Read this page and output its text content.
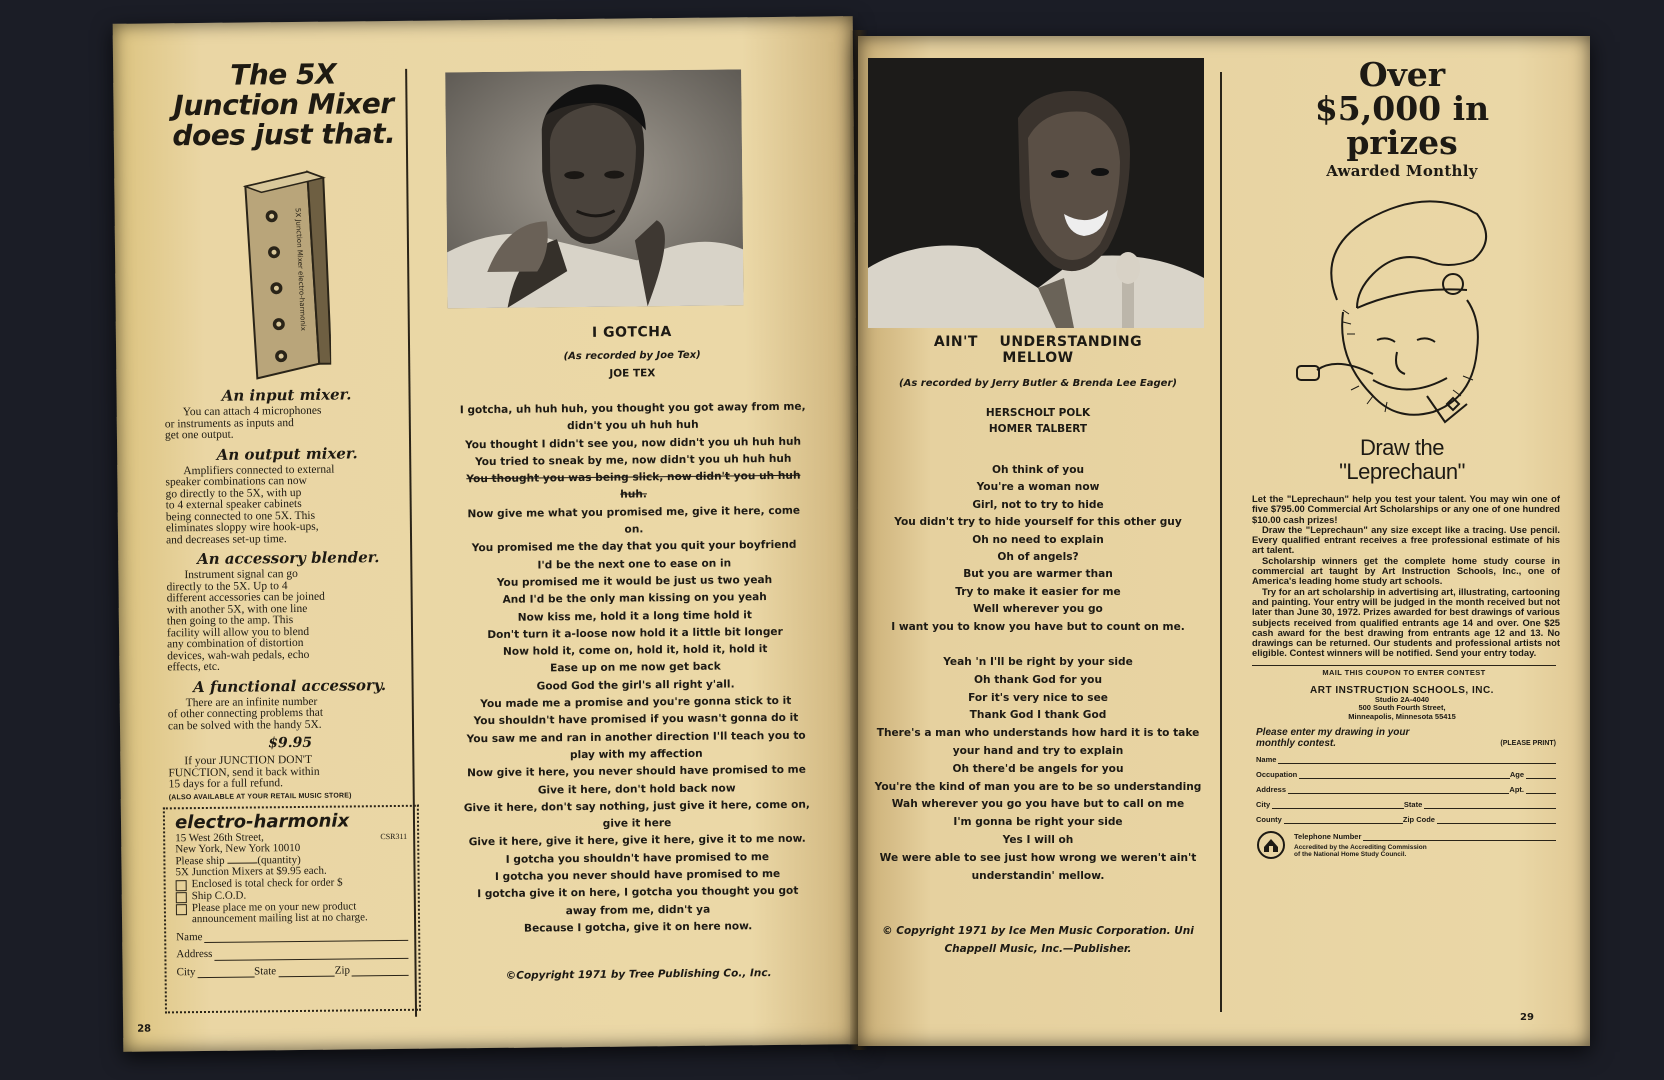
The 5X
Junction Mixer
does just that.
5X Junction Mixer electro-harmonix
An input mixer.
You can attach 4 microphones
or instruments as inputs and
get one output.
An output mixer.
Amplifiers connected to external
speaker combinations can now
go directly to the 5X, with up
to 4 external speaker cabinets
being connected to one 5X. This
eliminates sloppy wire hook-ups,
and decreases set-up time.
An accessory blender.
Instrument signal can go
directly to the 5X. Up to 4
different accessories can be joined
with another 5X, with one line
then going to the amp. This
facility will allow you to blend
any combination of distortion
devices, wah-wah pedals, echo
effects, etc.
A functional accessory.
There are an infinite number
of other connecting problems that
can be solved with the handy 5X.
$9.95
If your JUNCTION DON'T
FUNCTION, send it back within
15 days for a full refund.
(ALSO AVAILABLE AT YOUR RETAIL MUSIC STORE)
electro-harmonix
15 West 26th Street,	CSR311
New York, New York 10010
Please ship	(quantity)
5X Junction Mixers at $9.95 each.
Enclosed is total check for order $
Ship C.O.D.
Please place me on your new product announcement mailing list at no charge.
Name
Address
City	State	Zip
I GOTCHA
(As recorded by Joe Tex)
JOE TEX
I gotcha, uh huh huh, you thought you got away from me,
didn't you uh huh huh
You thought I didn't see you, now didn't you uh huh huh
You tried to sneak by me, now didn't you uh huh huh
You thought you was being slick, now didn't you uh huh
huh.
Now give me what you promised me, give it here, come
on.
You promised me the day that you quit your boyfriend
I'd be the next one to ease on in
You promised me it would be just us two yeah
And I'd be the only man kissing on you yeah
Now kiss me, hold it a long time hold it
Don't turn it a-loose now hold it a little bit longer
Now hold it, come on, hold it, hold it, hold it
Ease up on me now get back
Good God the girl's all right y'all.
You made me a promise and you're gonna stick to it
You shouldn't have promised if you wasn't gonna do it
You saw me and ran in another direction I'll teach you to
play with my affection
Now give it here, you never should have promised to me
Give it here, don't hold back now
Give it here, don't say nothing, just give it here, come on,
give it here
Give it here, give it here, give it here, give it to me now.
I gotcha you shouldn't have promised to me
I gotcha you never should have promised to me
I gotcha give it on here, I gotcha you thought you got
away from me, didn't ya
Because I gotcha, give it on here now.
©Copyright 1971 by Tree Publishing Co., Inc.
28
AIN'T    UNDERSTANDING
MELLOW
(As recorded by Jerry Butler & Brenda Lee Eager)
HERSCHOLT POLK
HOMER TALBERT
Oh think of you
You're a woman now
Girl, not to try to hide
You didn't try to hide yourself for this other guy
Oh no need to explain
Oh of angels?
But you are warmer than
Try to make it easier for me
Well wherever you go
I want you to know you have but to count on me.
Yeah 'n I'll be right by your side
Oh thank God for you
For it's very nice to see
Thank God I thank God
There's a man who understands how hard it is to take
your hand and try to explain
Oh there'd be angels for you
You're the kind of man you are to be so understanding
Wah wherever you go you have but to call on me
I'm gonna be right your side
Yes I will oh
We were able to see just how wrong we weren't ain't
understandin' mellow.
© Copyright 1971 by Ice Men Music Corporation. Uni
Chappell Music, Inc.—Publisher.
Over
$5,000 in
prizes
Awarded Monthly
Draw the
"Leprechaun"
Let the "Leprechaun" help you test your talent. You may win one of five $795.00 Commercial Art Scholarships or any one of one hundred $10.00 cash prizes!
Draw the "Leprechaun" any size except like a tracing. Use pencil. Every qualified entrant receives a free professional estimate of his art talent.
Scholarship winners get the complete home study course in commercial art taught by Art Instruction Schools, Inc., one of America's leading home study art schools.
Try for an art scholarship in advertising art, illustrating, cartooning and painting. Your entry will be judged in the month received but not later than June 30, 1972. Prizes awarded for best drawings of various subjects received from qualified entrants age 14 and over. One $25 cash award for the best drawing from entrants age 12 and 13. No drawings can be returned. Our students and professional artists not eligible. Contest winners will be notified. Send your entry today.
MAIL THIS COUPON TO ENTER CONTEST
ART INSTRUCTION SCHOOLS, INC.
Studio 2A-4040
500 South Fourth Street,
Minneapolis, Minnesota 55415
Please enter my drawing in your
monthly contest.	(PLEASE PRINT)
Name
Occupation	Age
Address	Apt.
City	State
County	Zip Code
Telephone Number
Accredited by the Accrediting Commission
of the National Home Study Council.
29
